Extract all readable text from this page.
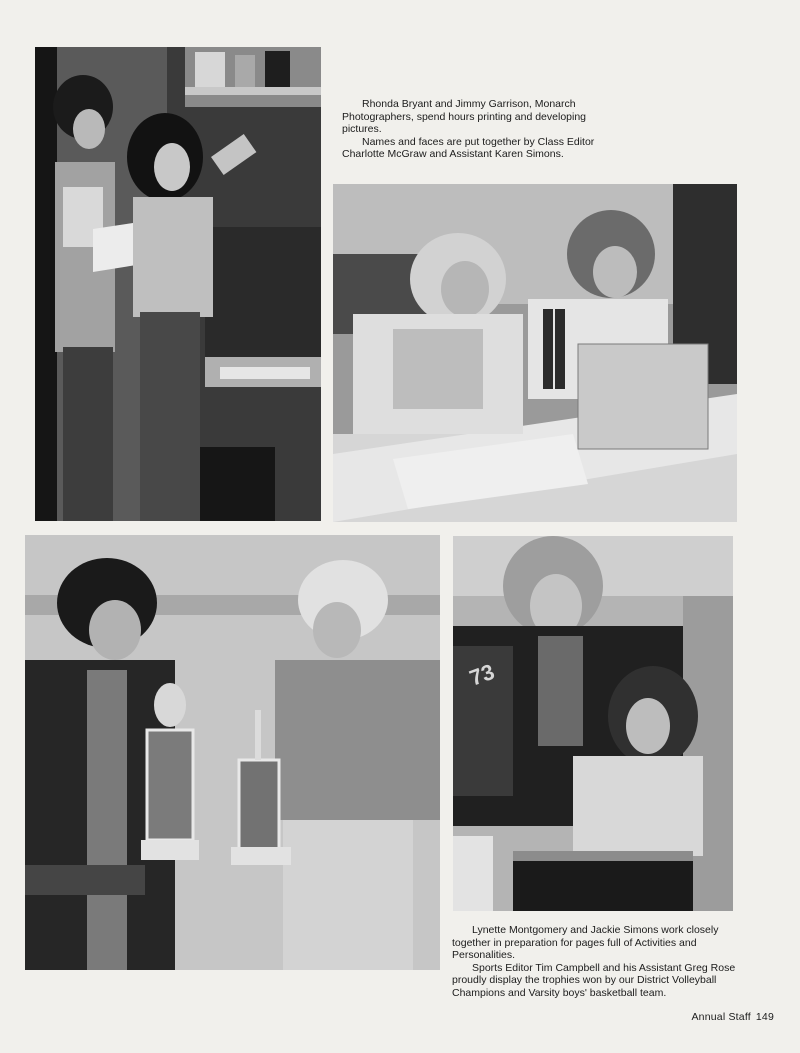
Rhonda Bryant and Jimmy Garrison, Monarch Photographers, spend hours printing and developing pictures.

Names and faces are put together by Class Editor Charlotte McGraw and Assistant Karen Simons.

73

Lynette Montgomery and Jackie Simons work closely together in preparation for pages full of Activities and Personalities.

Sports Editor Tim Campbell and his Assistant Greg Rose proudly display the trophies won by our District Volleyball Champions and Varsity boys' basketball team.

Annual Staff 149
